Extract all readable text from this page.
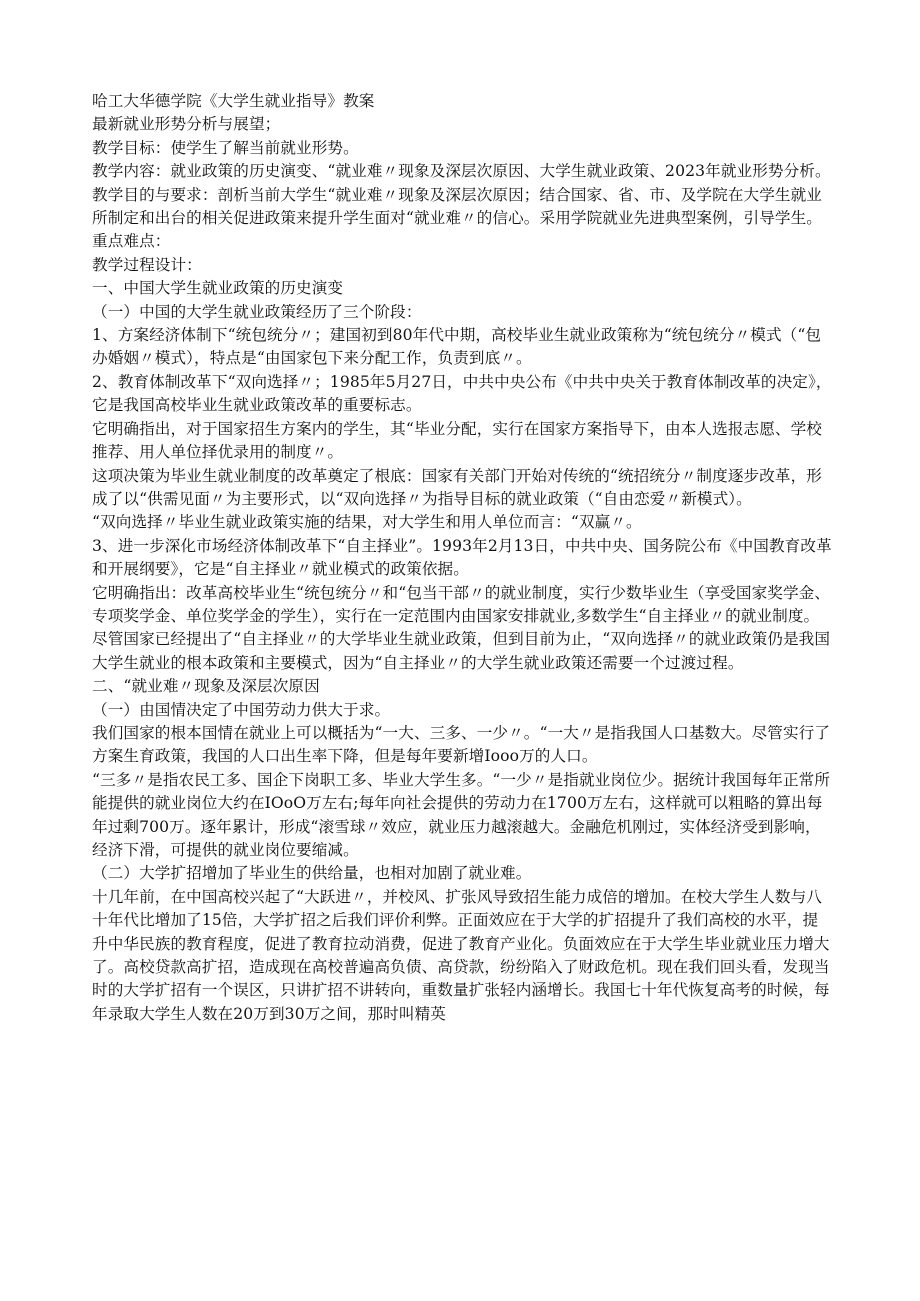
哈工大华德学院《大学生就业指导》教案

最新就业形势分析与展望；

教学目标：使学生了解当前就业形势。

教学内容：就业政策的历史演变、“就业难〃现象及深层次原因、大学生就业政策、2023年就业形势分析。

教学目的与要求：剖析当前大学生“就业难〃现象及深层次原因；结合国家、省、市、及学院在大学生就业所制定和出台的相关促进政策来提升学生面对“就业难〃的信心。采用学院就业先进典型案例，引导学生。

重点难点：

教学过程设计：

一、中国大学生就业政策的历史演变

（一）中国的大学生就业政策经历了三个阶段：

1、方案经济体制下“统包统分〃；建国初到80年代中期，高校毕业生就业政策称为“统包统分〃模式（“包办婚姻〃模式），特点是“由国家包下来分配工作，负责到底〃。

2、教育体制改革下“双向选择〃；1985年5月27日，中共中央公布《中共中央关于教育体制改革的决定》，它是我国高校毕业生就业政策改革的重要标志。

它明确指出，对于国家招生方案内的学生，其“毕业分配，实行在国家方案指导下，由本人选报志愿、学校推荐、用人单位择优录用的制度〃。

这项决策为毕业生就业制度的改革奠定了根底：国家有关部门开始对传统的“统招统分〃制度逐步改革，形成了以“供需见面〃为主要形式，以“双向选择〃为指导目标的就业政策（“自由恋爱〃新模式）。

“双向选择〃毕业生就业政策实施的结果，对大学生和用人单位而言：“双赢〃。

3、进一步深化市场经济体制改革下“自主择业”。1993年2月13日，中共中央、国务院公布《中国教育改革和开展纲要》，它是“自主择业〃就业模式的政策依据。

它明确指出：改革高校毕业生“统包统分〃和“包当干部〃的就业制度，实行少数毕业生（享受国家奖学金、专项奖学金、单位奖学金的学生），实行在一定范围内由国家安排就业,多数学生“自主择业〃的就业制度。

尽管国家已经提出了“自主择业〃的大学毕业生就业政策，但到目前为止，“双向选择〃的就业政策仍是我国大学生就业的根本政策和主要模式，因为“自主择业〃的大学生就业政策还需要一个过渡过程。

二、“就业难〃现象及深层次原因

（一）由国情决定了中国劳动力供大于求。

我们国家的根本国情在就业上可以概括为“一大、三多、一少〃。“一大〃是指我国人口基数大。尽管实行了方案生育政策，我国的人口出生率下降，但是每年要新增Iooo万的人口。

“三多〃是指农民工多、国企下岗职工多、毕业大学生多。“一少〃是指就业岗位少。据统计我国每年正常所能提供的就业岗位大约在IOoO万左右;每年向社会提供的劳动力在1700万左右，这样就可以粗略的算出每年过剩700万。逐年累计，形成“滚雪球〃效应，就业压力越滚越大。金融危机刚过，实体经济受到影响，经济下滑，可提供的就业岗位要缩减。

（二）大学扩招增加了毕业生的供给量，也相对加剧了就业难。

十几年前，在中国高校兴起了“大跃进〃，并校风、扩张风导致招生能力成倍的增加。在校大学生人数与八十年代比增加了15倍，大学扩招之后我们评价利弊。正面效应在于大学的扩招提升了我们高校的水平，提升中华民族的教育程度，促进了教育拉动消费，促进了教育产业化。负面效应在于大学生毕业就业压力增大了。高校贷款高扩招，造成现在高校普遍高负债、高贷款，纷纷陷入了财政危机。现在我们回头看，发现当时的大学扩招有一个误区，只讲扩招不讲转向，重数量扩张轻内涵增长。我国七十年代恢复高考的时候，每年录取大学生人数在20万到30万之间，那时叫精英
